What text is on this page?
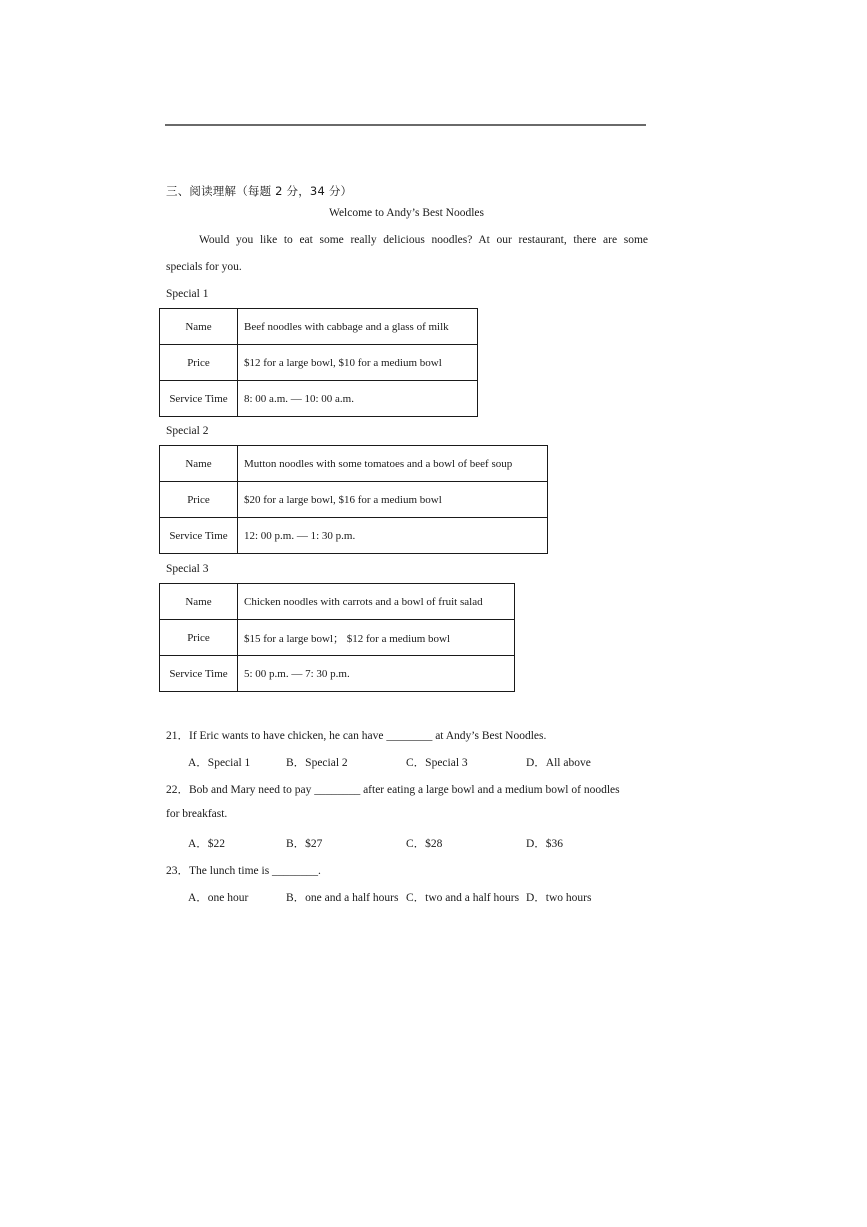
三、阅读理解（每题 2 分，34 分）
Welcome to Andy’s Best Noodles
Would you like to eat some really delicious noodles? At our restaurant, there are some
specials for you.
Special 1
Name	Beef noodles with cabbage and a glass of milk
Price	$12 for a large bowl, $10 for a medium bowl
Service Time	8: 00 a.m. — 10: 00 a.m.
Special 2
Name	Mutton noodles with some tomatoes and a bowl of beef soup
Price	$20 for a large bowl, $16 for a medium bowl
Service Time	12: 00 p.m. — 1: 30 p.m.
Special 3
Name	Chicken noodles with carrots and a bowl of fruit salad
Price	$15 for a large bowl； $12 for a medium bowl
Service Time	5: 00 p.m. — 7: 30 p.m.
21．If Eric wants to have chicken, he can have ________ at Andy’s Best Noodles.
A．Special 1	B．Special 2	C．Special 3	D．All above
22．Bob and Mary need to pay ________ after eating a large bowl and a medium bowl of noodles
for breakfast.
A．$22	B．$27	C．$28	D．$36
23．The lunch time is ________.
A．one hour	B．one and a half hours C．two and a half hours D．two hours
